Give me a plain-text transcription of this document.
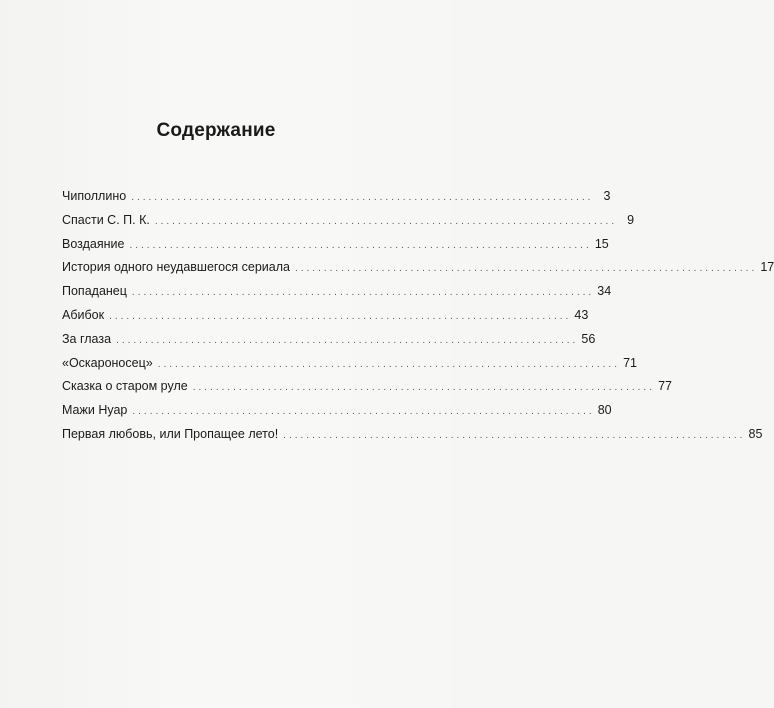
Содержание
Чиполлино ................................................................................ 3
Спасти С. П. К. ................................................................................ 9
Воздаяние ................................................................................ 15
История одного неудавшегося сериала ................................................................................ 17
Попаданец ................................................................................ 34
Абибок ................................................................................ 43
За глаза ................................................................................ 56
«Оскароносец» ................................................................................ 71
Сказка о старом руле ................................................................................ 77
Мажи Нуар ................................................................................ 80
Первая любовь, или Пропащее лето! ................................................................................ 85
